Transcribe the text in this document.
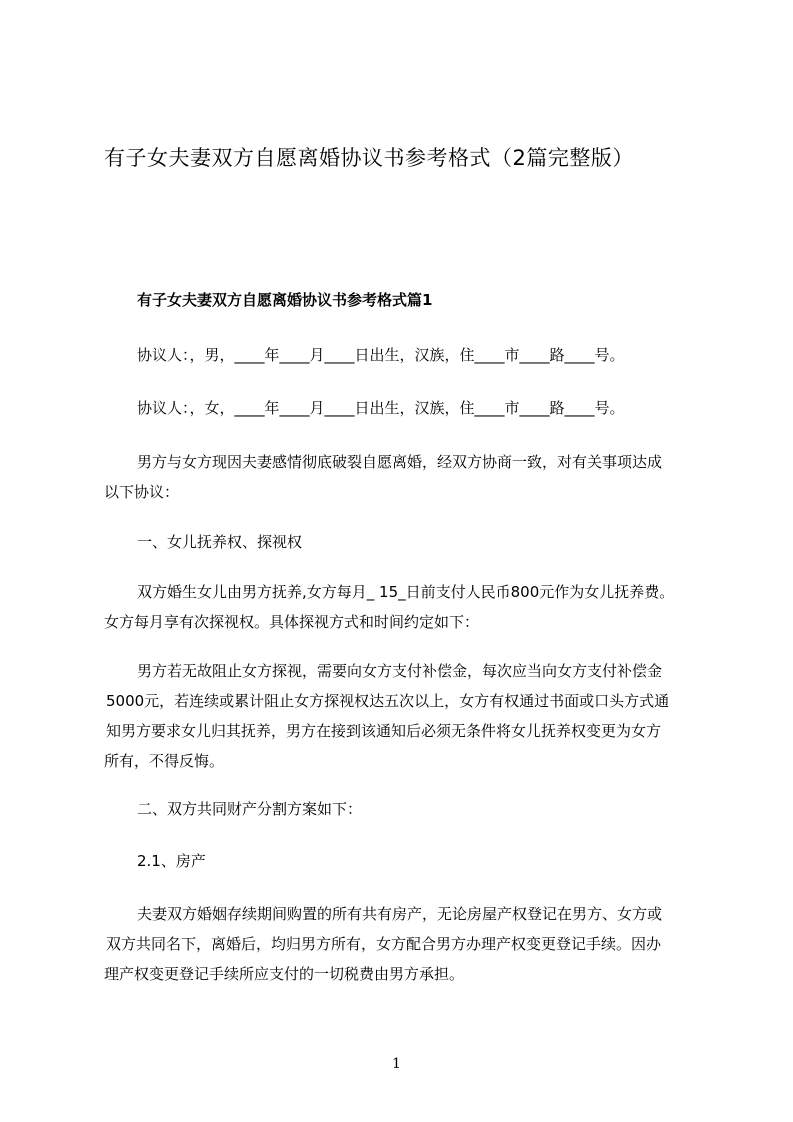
有子女夫妻双方自愿离婚协议书参考格式（2篇完整版）
有子女夫妻双方自愿离婚协议书参考格式篇1
协议人：，男，____年____月____日出生，汉族，住____市____路____号。
协议人：，女，____年____月____日出生，汉族，住____市____路____号。
男方与女方现因夫妻感情彻底破裂自愿离婚，经双方协商一致，对有关事项达成
以下协议：
一、女儿抚养权、探视权
双方婚生女儿由男方抚养,女方每月_ 15_日前支付人民币800元作为女儿抚养费。
女方每月享有次探视权。具体探视方式和时间约定如下：
男方若无故阻止女方探视，需要向女方支付补偿金，每次应当向女方支付补偿金
5000元，若连续或累计阻止女方探视权达五次以上，女方有权通过书面或口头方式通
知男方要求女儿归其抚养，男方在接到该通知后必须无条件将女儿抚养权变更为女方
所有，不得反悔。
二、双方共同财产分割方案如下：
2.1、房产
夫妻双方婚姻存续期间购置的所有共有房产，无论房屋产权登记在男方、女方或
双方共同名下，离婚后，均归男方所有，女方配合男方办理产权变更登记手续。因办
理产权变更登记手续所应支付的一切税费由男方承担。
1
